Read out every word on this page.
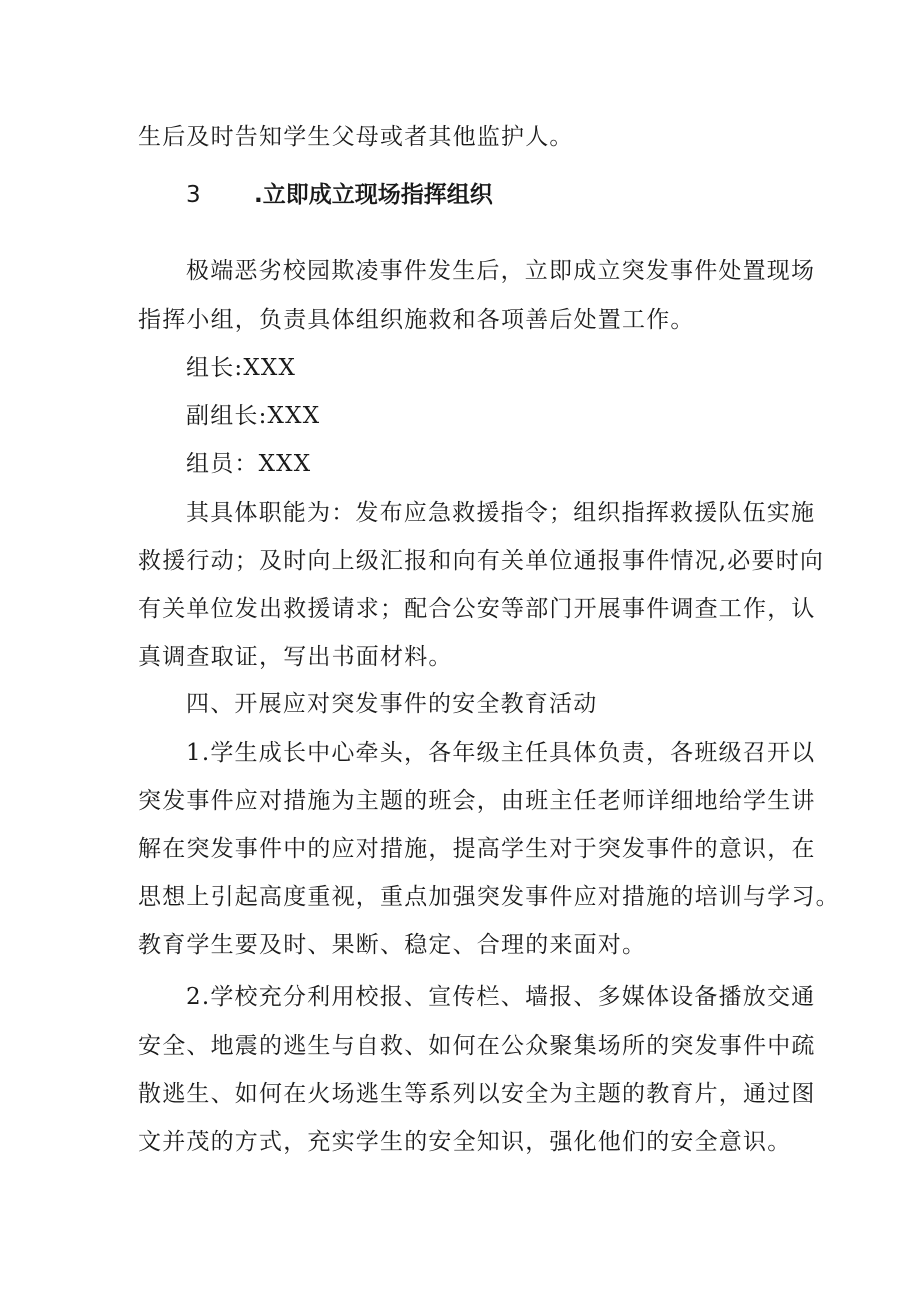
生后及时告知学生父母或者其他监护人。
3 .立即成立现场指挥组织
极端恶劣校园欺凌事件发生后，立即成立突发事件处置现场
指挥小组，负责具体组织施救和各项善后处置工作。
组长:XXX
副组长:XXX
组员：XXX
其具体职能为：发布应急救援指令；组织指挥救援队伍实施
救援行动；及时向上级汇报和向有关单位通报事件情况,必要时向
有关单位发出救援请求；配合公安等部门开展事件调查工作，认
真调查取证，写出书面材料。
四、开展应对突发事件的安全教育活动
1.学生成长中心牵头，各年级主任具体负责，各班级召开以
突发事件应对措施为主题的班会，由班主任老师详细地给学生讲
解在突发事件中的应对措施，提高学生对于突发事件的意识，在
思想上引起高度重视，重点加强突发事件应对措施的培训与学习。
教育学生要及时、果断、稳定、合理的来面对。
2.学校充分利用校报、宣传栏、墙报、多媒体设备播放交通
安全、地震的逃生与自救、如何在公众聚集场所的突发事件中疏
散逃生、如何在火场逃生等系列以安全为主题的教育片，通过图
文并茂的方式，充实学生的安全知识，强化他们的安全意识。
